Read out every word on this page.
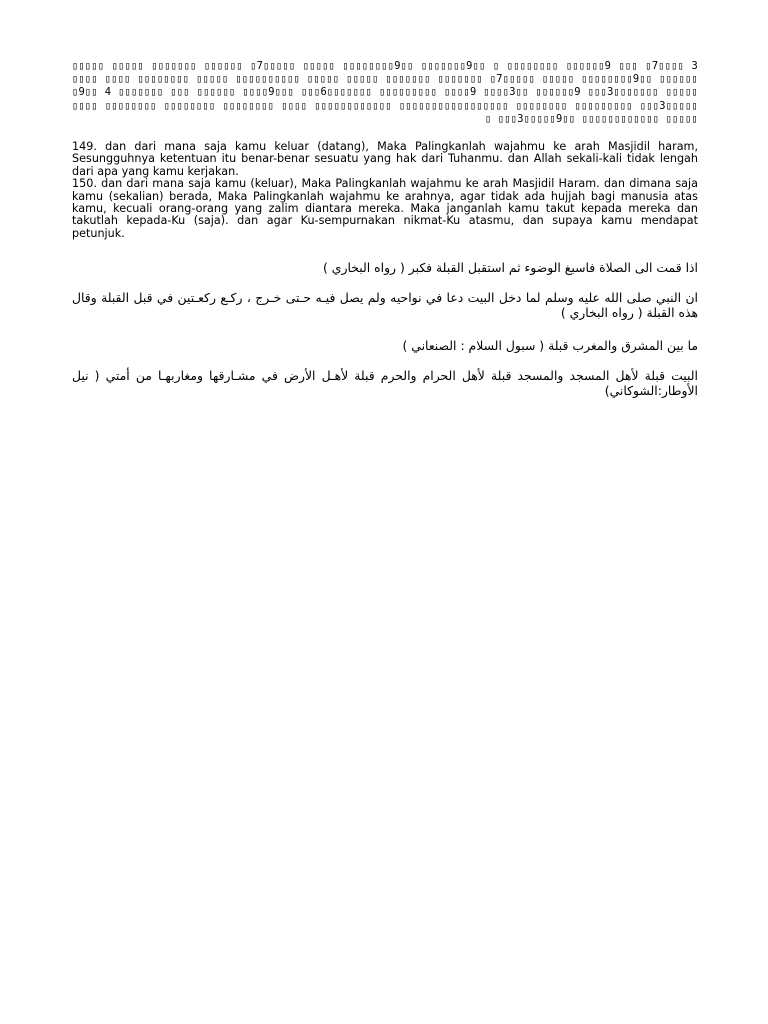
▯▯▯▯▯ ▯▯▯▯▯ ▯▯▯▯▯▯▯ ▯▯▯▯▯▯ ▯7▯▯▯▯▯ ▯▯▯▯▯ ▯▯▯▯▯▯▯▯9▯▯ ▯▯▯▯▯▯▯9▯▯ ▯ ▯▯▯▯▯▯▯▯ ▯▯▯▯▯▯9 ▯▯▯ ▯7▯▯▯▯ 3 ▯▯▯▯ ▯▯▯▯ ▯▯▯▯▯▯▯▯ ▯▯▯▯▯ ▯▯▯▯▯▯▯▯▯▯ ▯▯▯▯▯ ▯▯▯▯▯ ▯▯▯▯▯▯▯ ▯▯▯▯▯▯▯ ▯7▯▯▯▯▯ ▯▯▯▯▯ ▯▯▯▯▯▯▯▯9▯▯ ▯▯▯▯▯▯▯9▯▯ 4 ▯▯▯▯▯▯▯ ▯▯▯ ▯▯▯▯▯▯ ▯▯▯▯9▯▯▯ ▯▯▯6▯▯▯▯▯▯▯ ▯▯▯▯▯▯▯▯▯ ▯▯▯▯9 ▯▯▯▯3▯▯ ▯▯▯▯▯▯9 ▯▯▯3▯▯▯▯▯▯▯ ▯▯▯▯▯ ▯▯▯▯ ▯▯▯▯▯▯▯▯ ▯▯▯▯▯▯▯▯ ▯▯▯▯▯▯▯▯ ▯▯▯▯ ▯▯▯▯▯▯▯▯▯▯▯▯ ▯▯▯▯▯▯▯▯▯▯▯▯▯▯▯▯▯ ▯▯▯▯▯▯▯▯ ▯▯▯▯▯▯▯▯▯ ▯▯▯3▯▯▯▯▯▯ ▯▯▯3▯▯▯▯▯9▯▯ ▯▯▯▯▯▯▯▯▯▯▯▯ ▯▯▯▯▯

149. dan dari mana saja kamu keluar (datang), Maka Palingkanlah wajahmu ke arah Masjidil haram, Sesungguhnya ketentuan itu benar-benar sesuatu yang hak dari Tuhanmu. dan Allah sekali-kali tidak lengah dari apa yang kamu kerjakan.

150. dan dari mana saja kamu (keluar), Maka Palingkanlah wajahmu ke arah Masjidil Haram. dan dimana saja kamu (sekalian) berada, Maka Palingkanlah wajahmu ke arahnya, agar tidak ada hujjah bagi manusia atas kamu, kecuali orang-orang yang zalim diantara mereka. Maka janganlah kamu takut kepada mereka dan takutlah kepada-Ku (saja). dan agar Ku-sempurnakan nikmat-Ku atasmu, dan supaya kamu mendapat petunjuk.

اذا قمت الى الصلاة فاسبغ الوضوء ثم استقبل القبلة فكبر ( رواه البخاري )

ان النبي صلى الله عليه وسلم لما دخل البيت دعا في نواحيه ولم يصل فيـه حـتى خـرج ، ركـع ركعـتين في قبل القبلة وقال هذه القبلة ( رواه البخاري )

ما بين المشرق والمغرب قبلة ( سبول السلام : الصنعاني )

البيت قبلة لأهل المسجد والمسجد قبلة لأهل الحرام والحرم قبلة لأهـل الأرض في مشـارقها ومغاربهـا من أمتي ( نيل الأوطار:الشوكاني)
